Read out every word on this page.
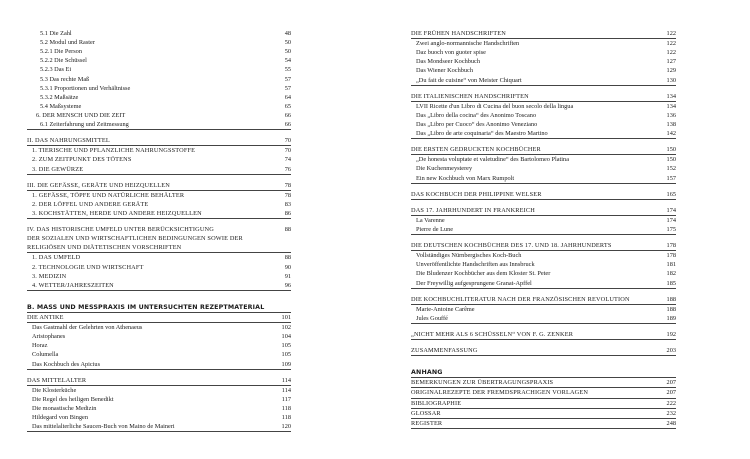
5.1 Die Zahl	48
5.2 Modul und Raster	50
5.2.1 Die Person	50
5.2.2 Die Schüssel	54
5.2.3 Das Ei	55
5.3 Das rechte Maß	57
5.3.1 Proportionen und Verhältnisse	57
5.3.2 Maßsätze	64
5.4 Maßsysteme	65
6. DER MENSCH UND DIE ZEIT	66
6.1 Zeiterfahrung und Zeitmessung	66
II. DAS NAHRUNGSMITTEL	70
1. TIERISCHE UND PFLANZLICHE NAHRUNGSSTOFFE	70
2. ZUM ZEITPUNKT DES TÖTENS	74
3. DIE GEWÜRZE	76
III. DIE GEFÄSSE, GERÄTE UND HEIZQUELLEN	78
1. GEFÄSSE, TÖPFE UND NATÜRLICHE BEHÄLTER	78
2. DER LÖFFEL UND ANDERE GERÄTE	83
3. KOCHSTÄTTEN, HERDE UND ANDERE HEIZQUELLEN	86
IV. DAS HISTORISCHE UMFELD UNTER BERÜCKSICHTIGUNG	88
DER SOZIALEN UND WIRTSCHAFTLICHEN BEDINGUNGEN SOWIE DER
RELIGIÖSEN UND DIÄTETISCHEN VORSCHRIFTEN
1. DAS UMFELD	88
2. TECHNOLOGIE UND WIRTSCHAFT	90
3. MEDIZIN	91
4. WETTER/JAHRESZEITEN	96
B. MASS UND MESSPRAXIS IM UNTERSUCHTEN REZEPTMATERIAL
DIE ANTIKE	101
Das Gastmahl der Gelehrten von Athenaeus	102
Aristophanes	104
Horaz	105
Columella	105
Das Kochbuch des Apicius	109
DAS MITTELALTER	114
Die Klosterküche	114
Die Regel des heiligen Benedikt	117
Die monastische Medizin	118
Hildegard von Bingen	118
Das mittelalterliche Saucen-Buch von Maino de Maineri	120
DIE FRÜHEN HANDSCHRIFTEN	122
Zwei anglo-normannische Handschriften	122
Daz buoch von guoter spise	122
Das Mondseer Kochbuch	127
Das Wiener Kochbuch	129
„Du fait de cuisine“ von Meister Chiquart	130
DIE ITALIENISCHEN HANDSCHRIFTEN	134
LVII Ricette d'un Libro di Cucina del buon secolo della lingua	134
Das „Libro della cocina“ des Anonimo Toscano	136
Das „Libro per Cuoco“ des Anonimo Veneziano	138
Das „Libro de arte coquinaria“ des Maestro Martino	142
DIE ERSTEN GEDRUCKTEN KOCHBÜCHER	150
„De honesta voluptate et valetudine“ des Bartolomeo Platina	150
Die Kuchenmeysterey	152
Ein new Kochbuch von Marx Rumpolt	157
DAS KOCHBUCH DER PHILIPPINE WELSER	165
DAS 17. JAHRHUNDERT IN FRANKREICH	174
La Varenne	174
Pierre de Lune	175
DIE DEUTSCHEN KOCHBÜCHER DES 17. UND 18. JAHRHUNDERTS	178
Vollständiges Nürnbergisches Koch-Buch	178
Unveröffentlichte Handschriften aus Innsbruck	181
Die Bludenzer Kochbücher aus dem Kloster St. Peter	182
Der Freywillig aufgesprungene Granat-Apffel	185
DIE KOCHBUCHLITERATUR NACH DER FRANZÖSISCHEN REVOLUTION	188
Marie-Antoine Carême	188
Jules Gouffé	189
„NICHT MEHR ALS 6 SCHÜSSELN“ VON F. G. ZENKER	192
ZUSAMMENFASSUNG	203
ANHANG
BEMERKUNGEN ZUR ÜBERTRAGUNGSPRAXIS	207
ORIGINALREZEPTE DER FREMDSPRACHIGEN VORLAGEN	207
BIBLIOGRAPHIE	222
GLOSSAR	232
REGISTER	248
